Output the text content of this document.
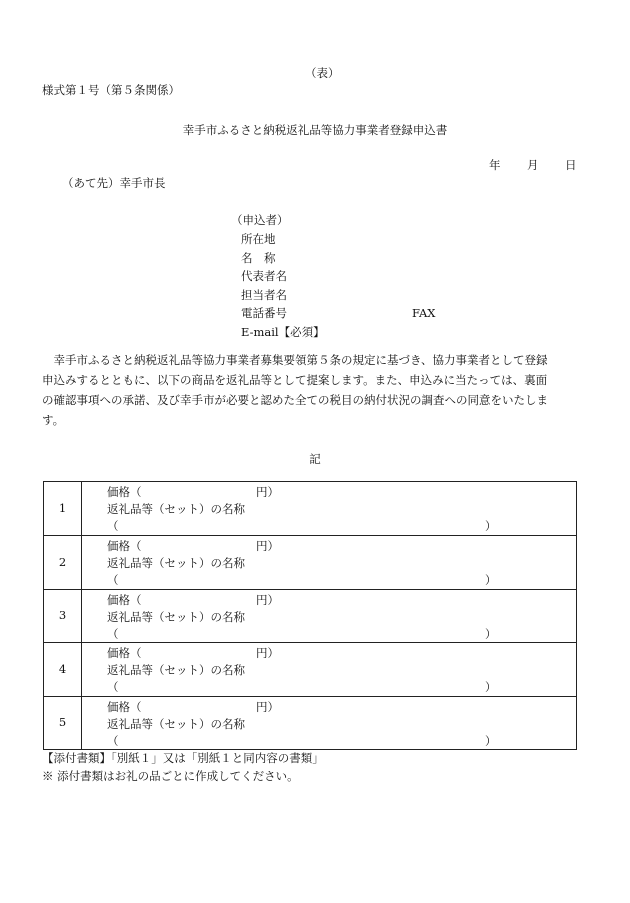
（表）
様式第１号（第５条関係）
幸手市ふるさと納税返礼品等協力事業者登録申込書
年 月 日
（あて先）幸手市長
（申込者）
所在地
名　称
代表者名
担当者名
電話番号	FAX
E-mail【必須】
　幸手市ふるさと納税返礼品等協力事業者募集要領第５条の規定に基づき、協力事業者として登録
申込みするとともに、以下の商品を返礼品等として提案します。また、申込みに当たっては、裏面
の確認事項への承諾、及び幸手市が必要と認めた全ての税目の納付状況の調査への同意をいたしま
す。
記
1
価格（	円）
返礼品等（セット）の名称
（	）
2
価格（	円）
返礼品等（セット）の名称
（	）
3
価格（	円）
返礼品等（セット）の名称
（	）
4
価格（	円）
返礼品等（セット）の名称
（	）
5
価格（	円）
返礼品等（セット）の名称
（	）
【添付書類】「別紙１」又は「別紙１と同内容の書類」
※ 添付書類はお礼の品ごとに作成してください。
